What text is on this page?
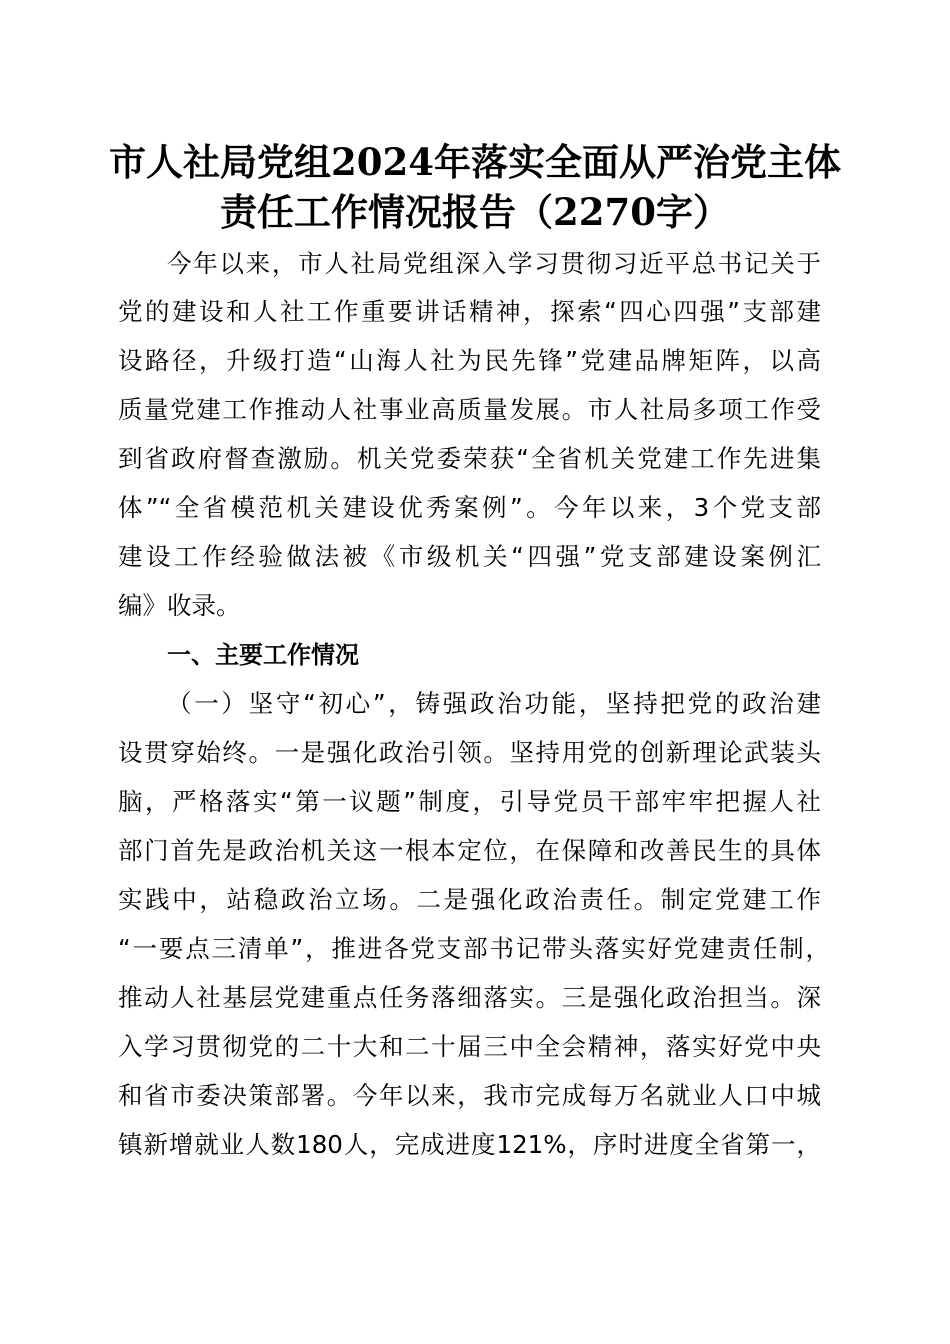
市人社局党组2024年落实全面从严治党主体
责任工作情况报告（2270字）
今年以来，市人社局党组深入学习贯彻习近平总书记关于
党的建设和人社工作重要讲话精神，探索“四心四强”支部建
设路径，升级打造“山海人社为民先锋”党建品牌矩阵，以高
质量党建工作推动人社事业高质量发展。市人社局多项工作受
到省政府督查激励。机关党委荣获“全省机关党建工作先进集
体”“全省模范机关建设优秀案例”。今年以来，3个党支部
建设工作经验做法被《市级机关“四强”党支部建设案例汇
编》收录。
一、主要工作情况
（一）坚守“初心”，铸强政治功能，坚持把党的政治建
设贯穿始终。一是强化政治引领。坚持用党的创新理论武装头
脑，严格落实“第一议题”制度，引导党员干部牢牢把握人社
部门首先是政治机关这一根本定位，在保障和改善民生的具体
实践中，站稳政治立场。二是强化政治责任。制定党建工作
“一要点三清单”，推进各党支部书记带头落实好党建责任制，
推动人社基层党建重点任务落细落实。三是强化政治担当。深
入学习贯彻党的二十大和二十届三中全会精神，落实好党中央
和省市委决策部署。今年以来，我市完成每万名就业人口中城
镇新增就业人数180人，完成进度121%，序时进度全省第一，
